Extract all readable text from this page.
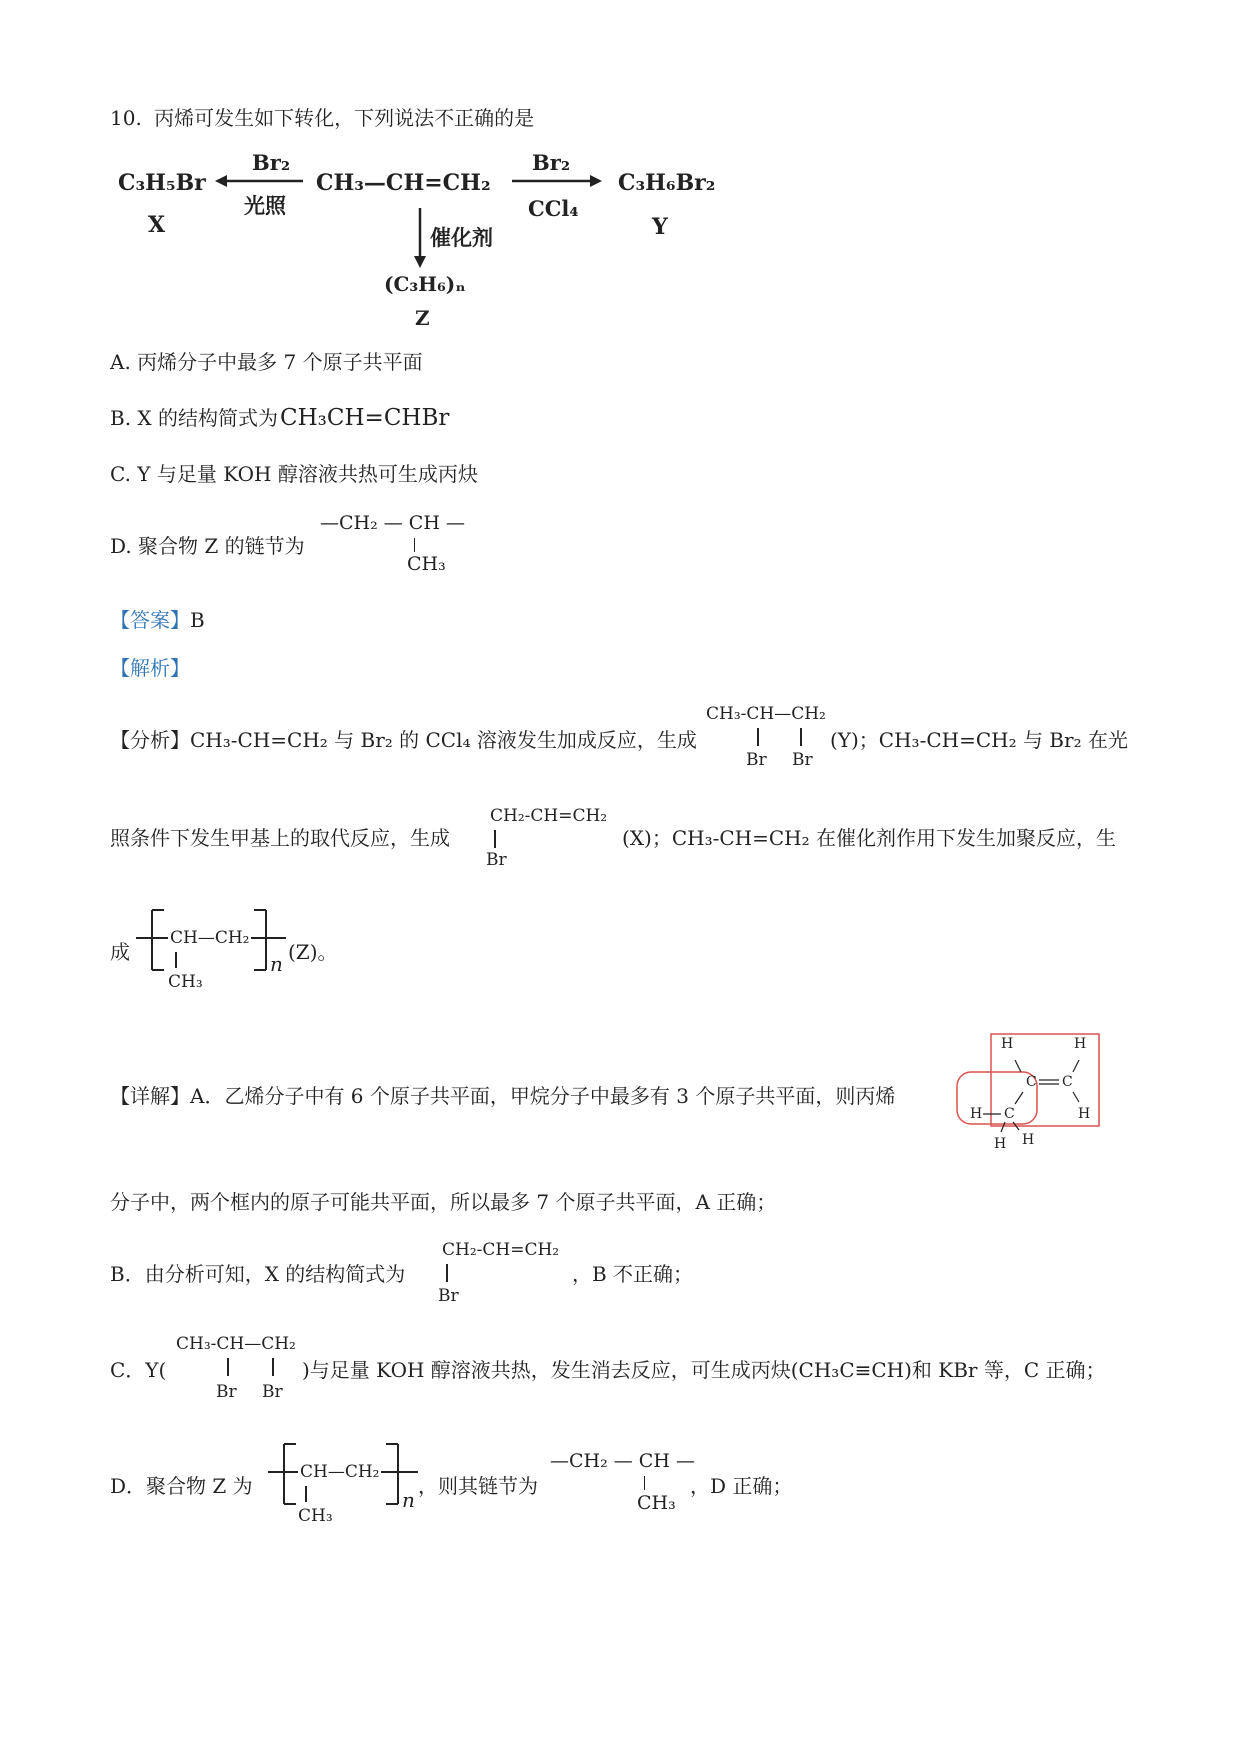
10. 丙烯可发生如下转化，下列说法不正确的是
C₃H₅Br
X
Br₂
光照
CH₃—CH=CH₂
Br₂
CCl₄
C₃H₆Br₂
Y
催化剂
(C₃H₆)ₙ
Z
A. 丙烯分子中最多 7 个原子共平面
B. X 的结构简式为CH₃CH=CHBr
C. Y 与足量 KOH 醇溶液共热可生成丙炔
D. 聚合物 Z 的链节为
—CH₂ — CH —
CH₃
【答案】B
【解析】
【分析】CH₃-CH=CH₂ 与 Br₂ 的 CCl₄ 溶液发生加成反应，生成
CH₃-CH—CH₂
Br Br
(Y)；CH₃-CH=CH₂ 与 Br₂ 在光
照条件下发生甲基上的取代反应，生成
CH₂-CH=CH₂
Br
(X)；CH₃-CH=CH₂ 在催化剂作用下发生加聚反应，生
成
CH—CH₂
CH₃
n (Z)。
【详解】A．乙烯分子中有 6 个原子共平面，甲烷分子中最多有 3 个原子共平面，则丙烯
H	H
C C
H
H C
H H
分子中，两个框内的原子可能共平面，所以最多 7 个原子共平面，A 正确；
B．由分析可知，X 的结构简式为
CH₂-CH=CH₂
Br
，B 不正确；
C．Y(
CH₃-CH—CH₂
Br Br
)与足量 KOH 醇溶液共热，发生消去反应，可生成丙炔(CH₃C≡CH)和 KBr 等，C 正确；
D．聚合物 Z 为
CH—CH₂
CH₃
n
，则其链节为
—CH₂ — CH —
CH₃
，D 正确；
